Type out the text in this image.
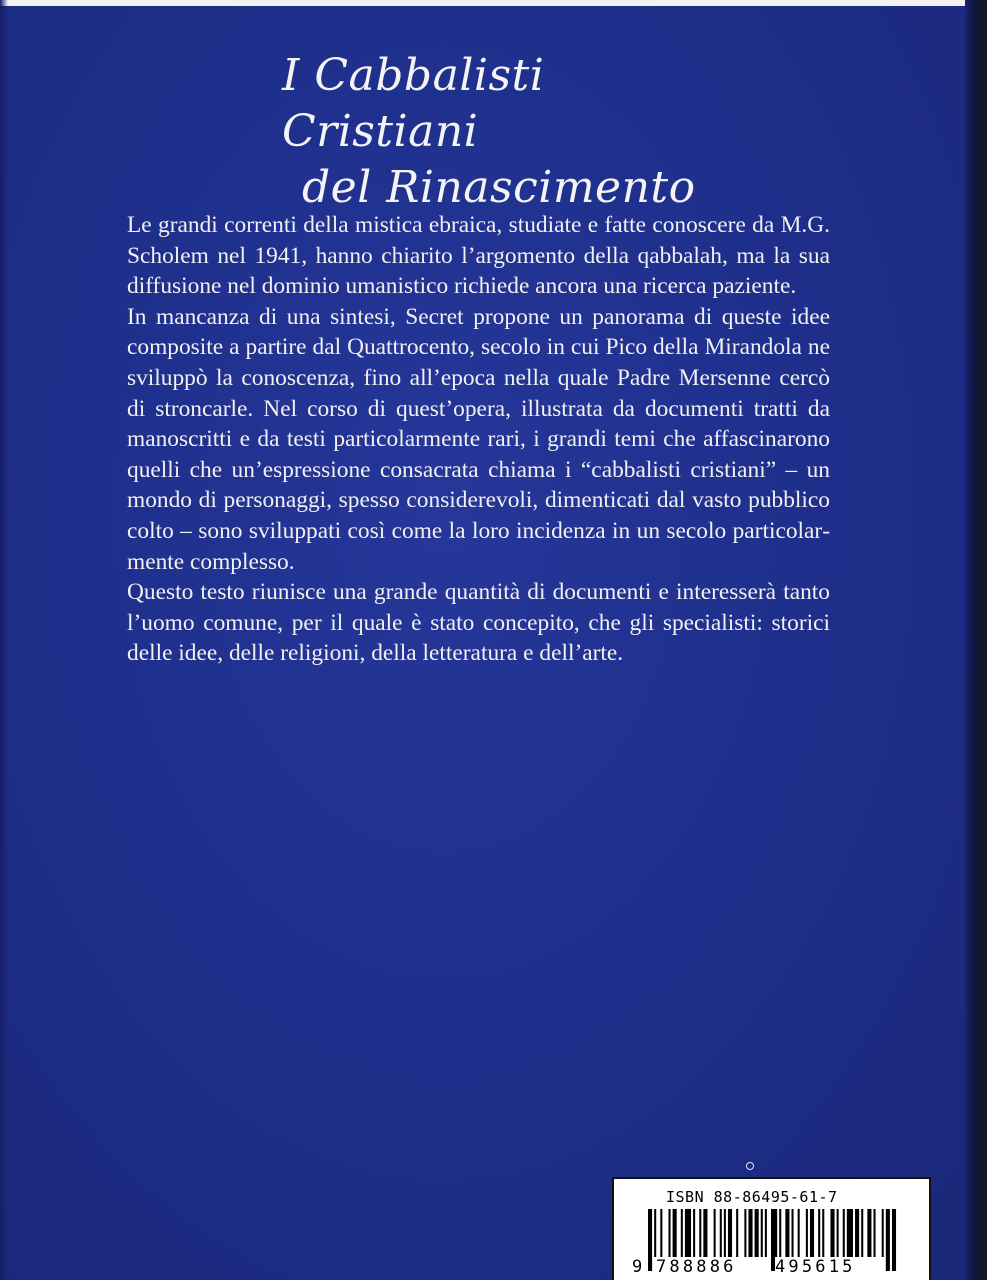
I Cabbalisti Cristiani
del Rinascimento

Le grandi correnti della mistica ebraica, studiate e fatte conoscere da M.G. Scholem nel 1941, hanno chiarito l’argomento della qabbalah, ma la sua diffusione nel dominio umanistico richiede ancora una ricerca paziente.

In mancanza di una sintesi, Secret propone un panorama di queste idee composite a partire dal Quattrocento, secolo in cui Pico della Mirandola ne sviluppò la conoscenza, fino all’epoca nella quale Padre Mersenne cercò di stroncarle. Nel corso di quest’opera, illustrata da documenti tratti da manoscritti e da testi particolarmente rari, i grandi temi che affascinarono quelli che un’espressione consacrata chiama i “cabbalisti cristiani” – un mondo di personaggi, spesso considerevoli, dimenticati dal vasto pubblico colto – sono sviluppati così come la loro incidenza in un secolo particolarmente complesso.

Questo testo riunisce una grande quantità di documenti e interesserà tanto l’uomo comune, per il quale è stato concepito, che gli specialisti: storici delle idee, delle religioni, della letteratura e dell’arte.

ISBN 88-86495-61-7
9 788886	495615
